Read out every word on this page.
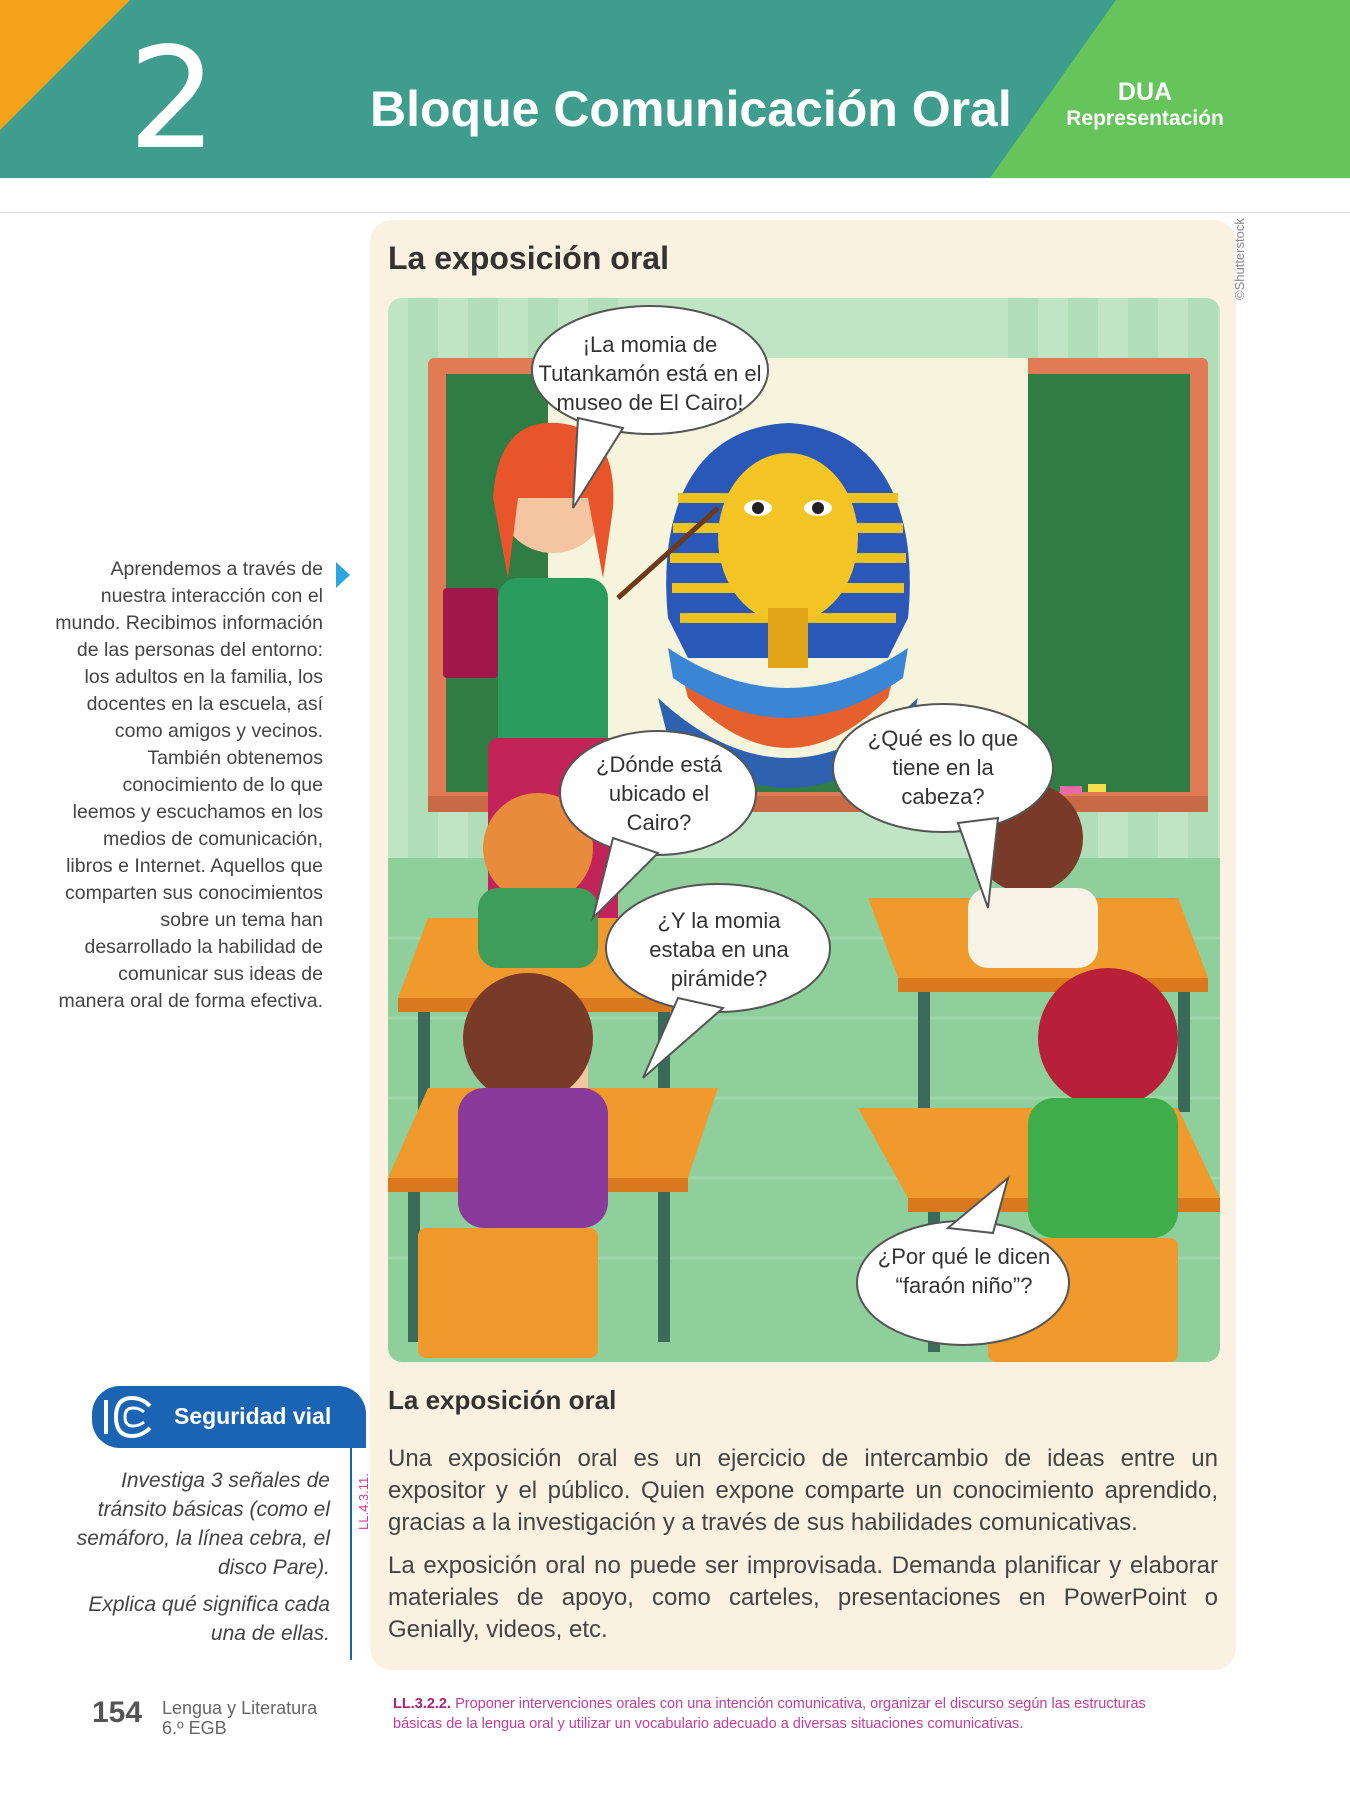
2	Bloque Comunicación Oral	DUA
Representación
La exposición oral	©Shutterstock
¡La momia de Tutankamón está en el museo de El Cairo!
¿Dónde está ubicado el Cairo?
¿Qué es lo que tiene en la cabeza?
¿Y la momia estaba en una pirámide?
¿Por qué le dicen “faraón niño”?
Aprendemos a través de nuestra interacción con el mundo. Recibimos información de las personas del entorno: los adultos en la familia, los docentes en la escuela, así como amigos y vecinos. También obtenemos conocimiento de lo que leemos y escuchamos en los medios de comunicación, libros e Internet. Aquellos que comparten sus conocimientos sobre un tema han desarrollado la habilidad de comunicar sus ideas de manera oral de forma efectiva.
Seguridad vial

Investiga 3 señales de tránsito básicas (como el semáforo, la línea cebra, el disco Pare).

Explica qué significa cada una de ellas.

LL.4.3.11.
La exposición oral

Una exposición oral es un ejercicio de intercambio de ideas entre un expositor y el público. Quien expone comparte un conocimiento aprendido, gracias a la investigación y a través de sus habilidades comunicativas.

La exposición oral no puede ser improvisada. Demanda planificar y elaborar materiales de apoyo, como carteles, presentaciones en PowerPoint o Genially, videos, etc.

154 Lengua y Literatura
6.º EGB
LL.3.2.2. Proponer intervenciones orales con una intención comunicativa, organizar el discurso según las estructuras básicas de la lengua oral y utilizar un vocabulario adecuado a diversas situaciones comunicativas.
